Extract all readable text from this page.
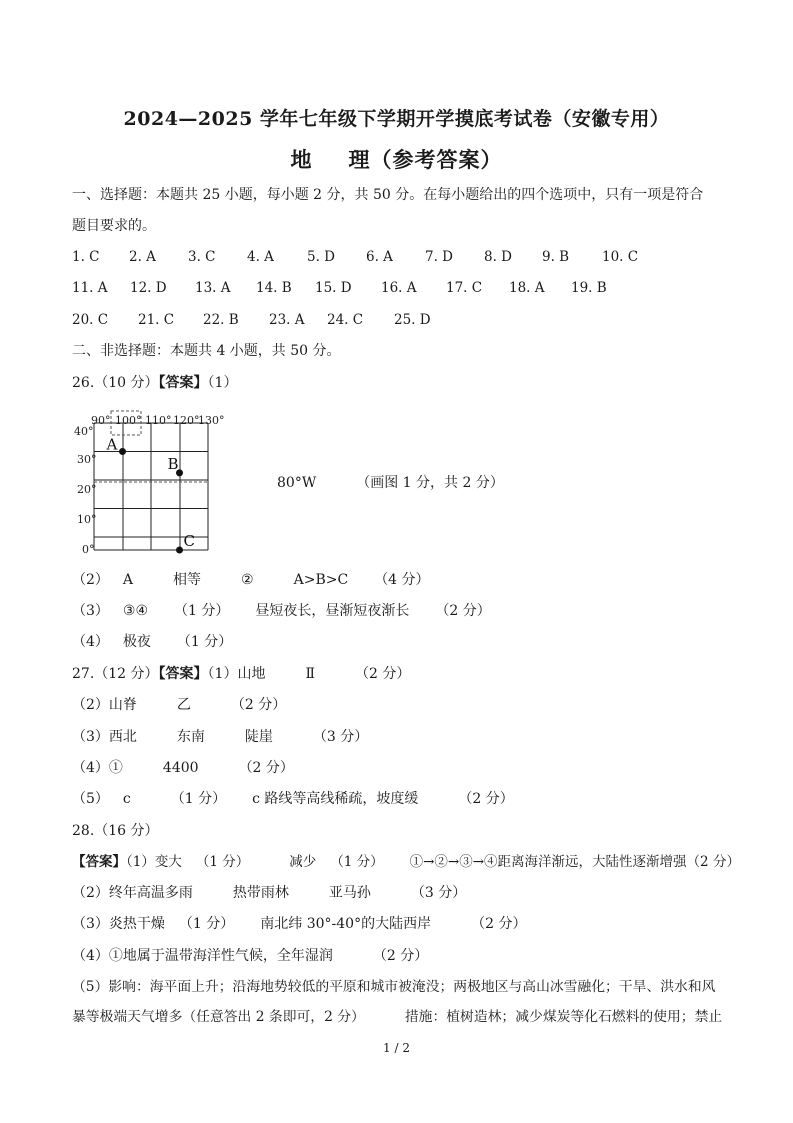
2024—2025 学年七年级下学期开学摸底考试卷（安徽专用）
地 理（参考答案）
一、选择题：本题共 25 小题，每小题 2 分，共 50 分。在每小题给出的四个选项中，只有一项是符合
题目要求的。
1. C 2. A 3. C 4. A 5. D 6. A 7. D 8. D 9. B 10. C
11. A 12. D 13. A 14. B 15. D 16. A 17. C 18. A 19. B
20. C 21. C 22. B 23. A 24. C 25. D
二、非选择题：本题共 4 小题，共 50 分。
26.（10 分）【答案】（1）
90° 100° 110° 120°
130°
40°
30°
20°
10°
0°
A
B
C
80°W	（画图 1 分，共 2 分）
（2） A	相等	②	A>B>C （4 分）
（3） ③④ （1 分） 昼短夜长，昼渐短夜渐长 （2 分）
（4） 极夜 （1 分）
27.（12 分）【答案】（1）山地	Ⅱ	（2 分）
（2）山脊	乙	（2 分）
（3）西北	东南	陡崖	（3 分）
（4）①	4400	（2 分）
（5） c	（1 分） c 路线等高线稀疏，坡度缓	（2 分）
28.（16 分）
【答案】（1）变大 （1 分）	减少 （1 分） ①→②→③→④距离海洋渐远，大陆性逐渐增强（2 分）
（2）终年高温多雨	热带雨林	亚马孙	（3 分）
（3）炎热干燥 （1 分） 南北纬 30°-40°的大陆西岸	（2 分）
（4）①地属于温带海洋性气候，全年湿润	（2 分）
（5）影响：海平面上升；沿海地势较低的平原和城市被淹没；两极地区与高山冰雪融化；干旱、洪水和风
暴等极端天气增多（任意答出 2 条即可，2 分）	措施：植树造林；减少煤炭等化石燃料的使用；禁止
1 / 2
